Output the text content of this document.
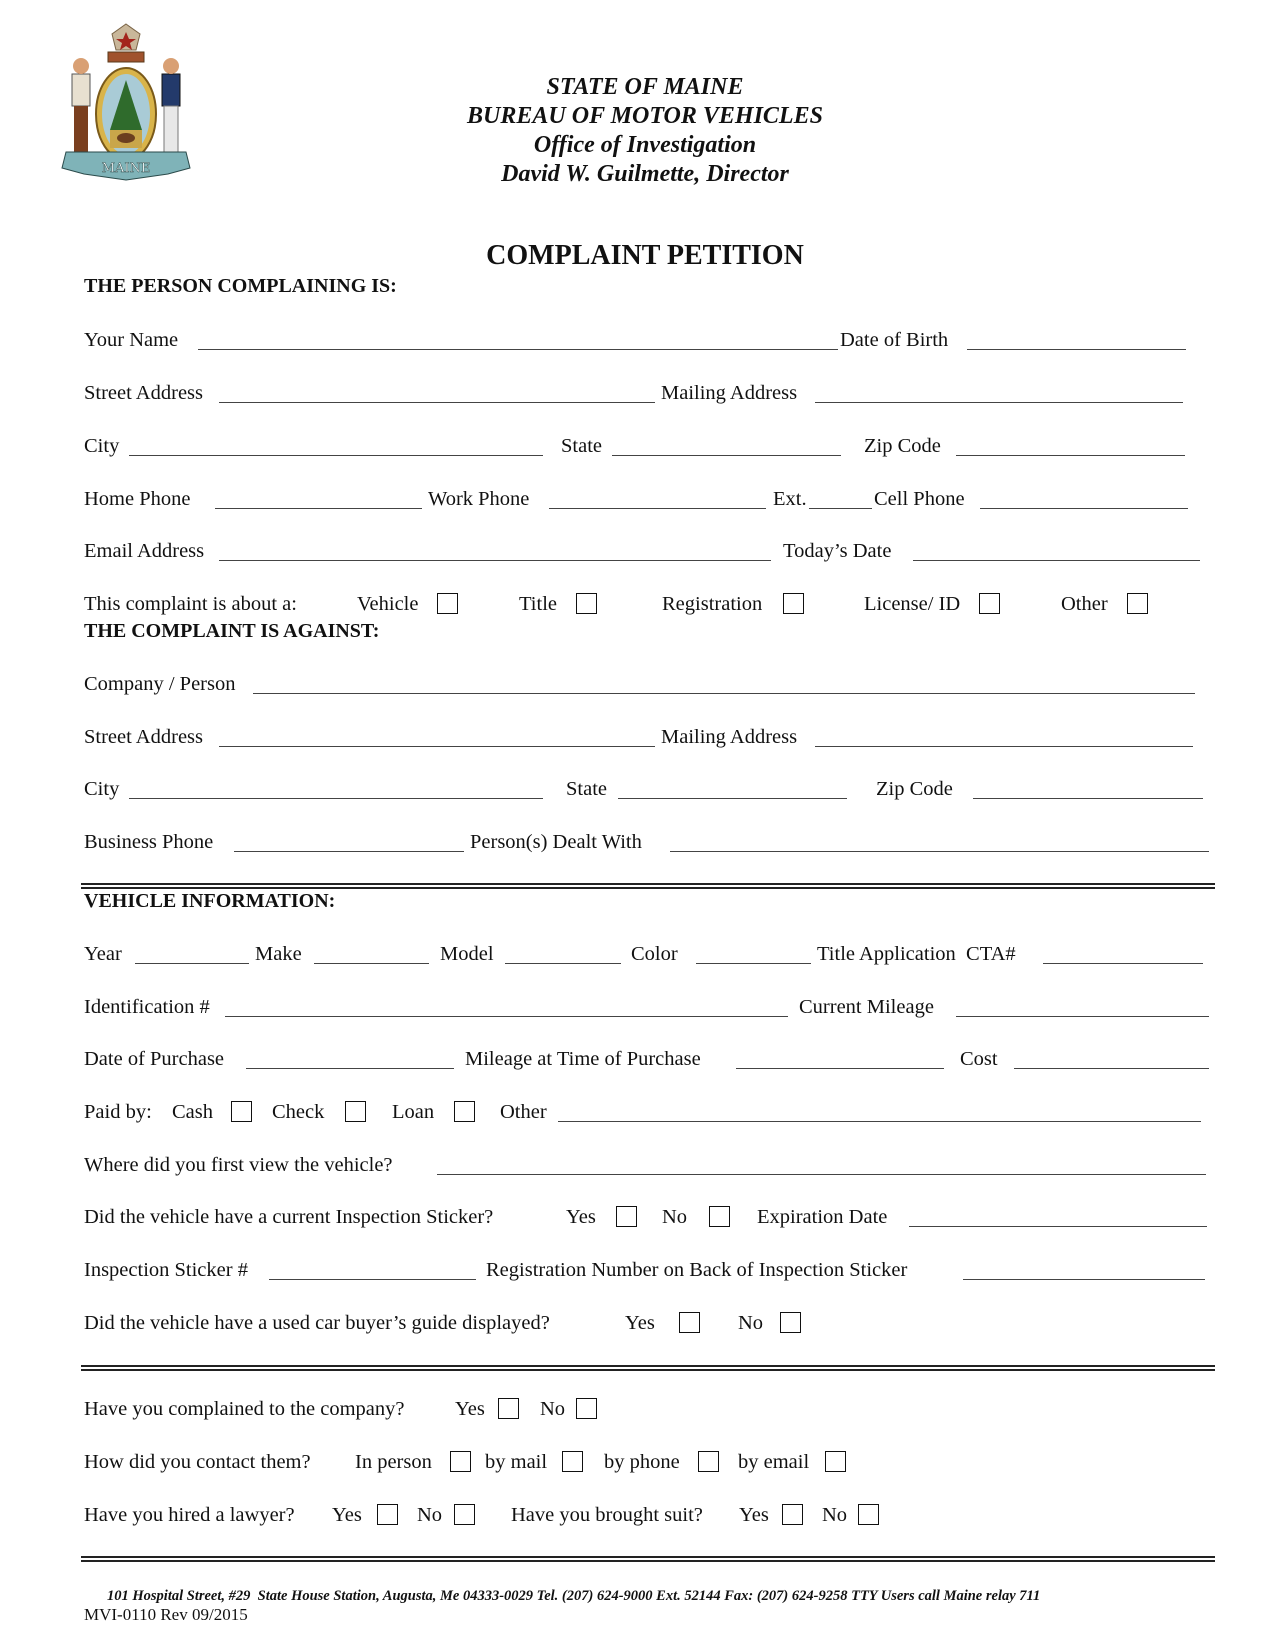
MAINE
STATE OF MAINE
BUREAU OF MOTOR VEHICLES
Office of Investigation
David W. Guilmette, Director
COMPLAINT PETITION
THE PERSON COMPLAINING IS:
Your Name	Date of Birth
Street Address	Mailing Address
City	State	Zip Code
Home Phone	Work Phone	Ext.	Cell Phone
Email Address	Today’s Date
This complaint is about a:	Vehicle	Title	Registration	License/ ID	Other
THE COMPLAINT IS AGAINST:
Company / Person
Street Address	Mailing Address
City	State	Zip Code
Business Phone	Person(s) Dealt With
VEHICLE INFORMATION:
Year	Make	Model	Color	Title Application  CTA#
Identification #	Current Mileage
Date of Purchase	Mileage at Time of Purchase	Cost
Paid by: Cash	Check	Loan	Other
Where did you first view the vehicle?
Did the vehicle have a current Inspection Sticker?	Yes	No	Expiration Date
Inspection Sticker #	Registration Number on Back of Inspection Sticker
Did the vehicle have a used car buyer’s guide displayed?	Yes	No
Have you complained to the company? Yes	No
How did you contact them? In person	by mail	by phone	by email
Have you hired a lawyer? Yes	No	Have you brought suit? Yes	No
101 Hospital Street, #29  State House Station, Augusta, Me 04333-0029 Tel. (207) 624-9000 Ext. 52144 Fax: (207) 624-9258 TTY Users call Maine relay 711
MVI-0110 Rev 09/2015
